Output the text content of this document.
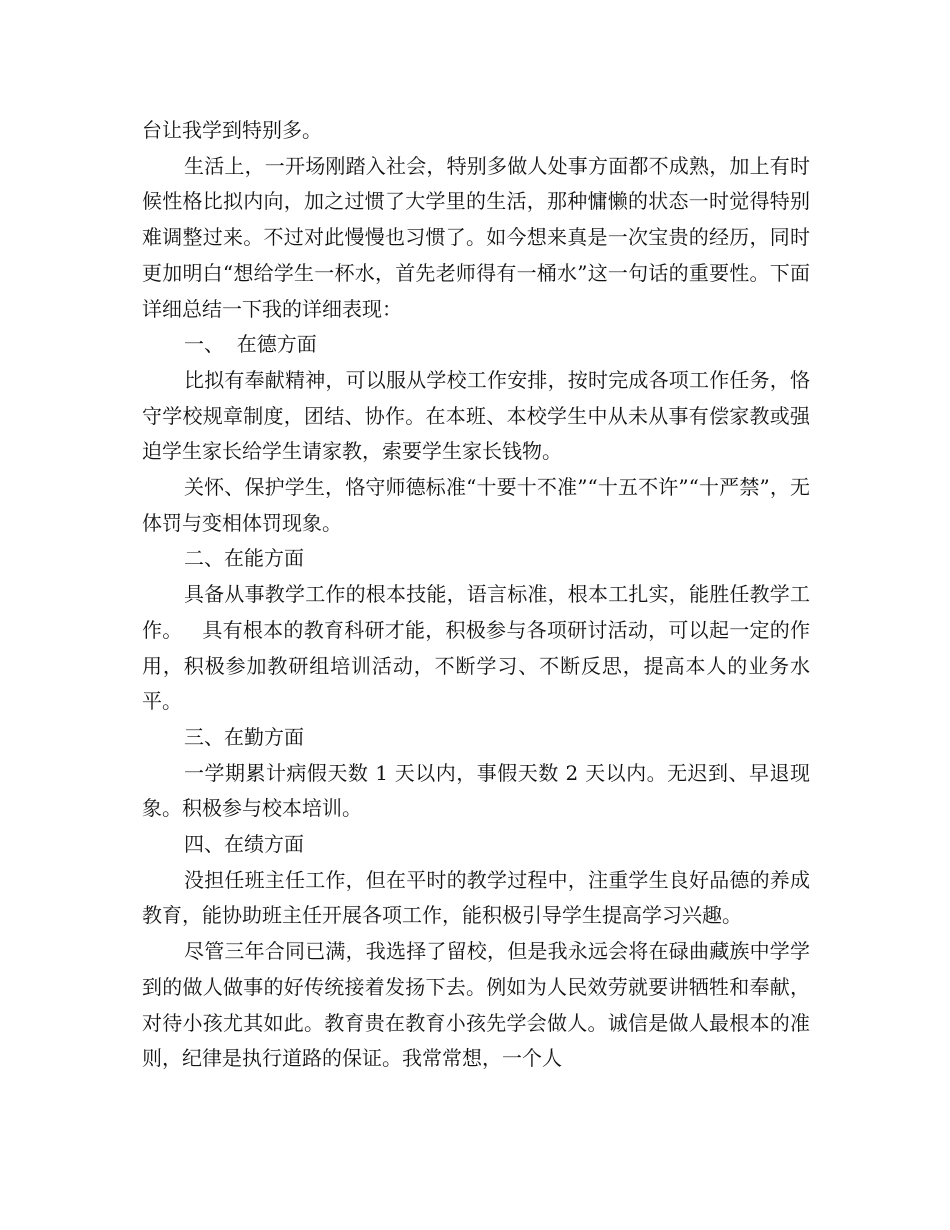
台让我学到特别多。

生活上，一开场刚踏入社会，特别多做人处事方面都不成熟，加上有时候性格比拟内向，加之过惯了大学里的生活，那种慵懒的状态一时觉得特别难调整过来。不过对此慢慢也习惯了。如今想来真是一次宝贵的经历，同时更加明白“想给学生一杯水，首先老师得有一桶水”这一句话的重要性。下面详细总结一下我的详细表现：

一、  在德方面

比拟有奉献精神，可以服从学校工作安排，按时完成各项工作任务，恪守学校规章制度，团结、协作。在本班、本校学生中从未从事有偿家教或强迫学生家长给学生请家教，索要学生家长钱物。

关怀、保护学生，恪守师德标准“十要十不准”“十五不许”“十严禁”，无体罚与变相体罚现象。

二、在能方面

具备从事教学工作的根本技能，语言标准，根本工扎实，能胜任教学工作。   具有根本的教育科研才能，积极参与各项研讨活动，可以起一定的作用，积极参加教研组培训活动，不断学习、不断反思，提高本人的业务水平。

三、在勤方面

一学期累计病假天数 1 天以内，事假天数 2 天以内。无迟到、早退现象。积极参与校本培训。

四、在绩方面

没担任班主任工作，但在平时的教学过程中，注重学生良好品德的养成教育，能协助班主任开展各项工作，能积极引导学生提高学习兴趣。

尽管三年合同已满，我选择了留校，但是我永远会将在碌曲藏族中学学到的做人做事的好传统接着发扬下去。例如为人民效劳就要讲牺牲和奉献，对待小孩尤其如此。教育贵在教育小孩先学会做人。诚信是做人最根本的准则，纪律是执行道路的保证。我常常想，一个人
